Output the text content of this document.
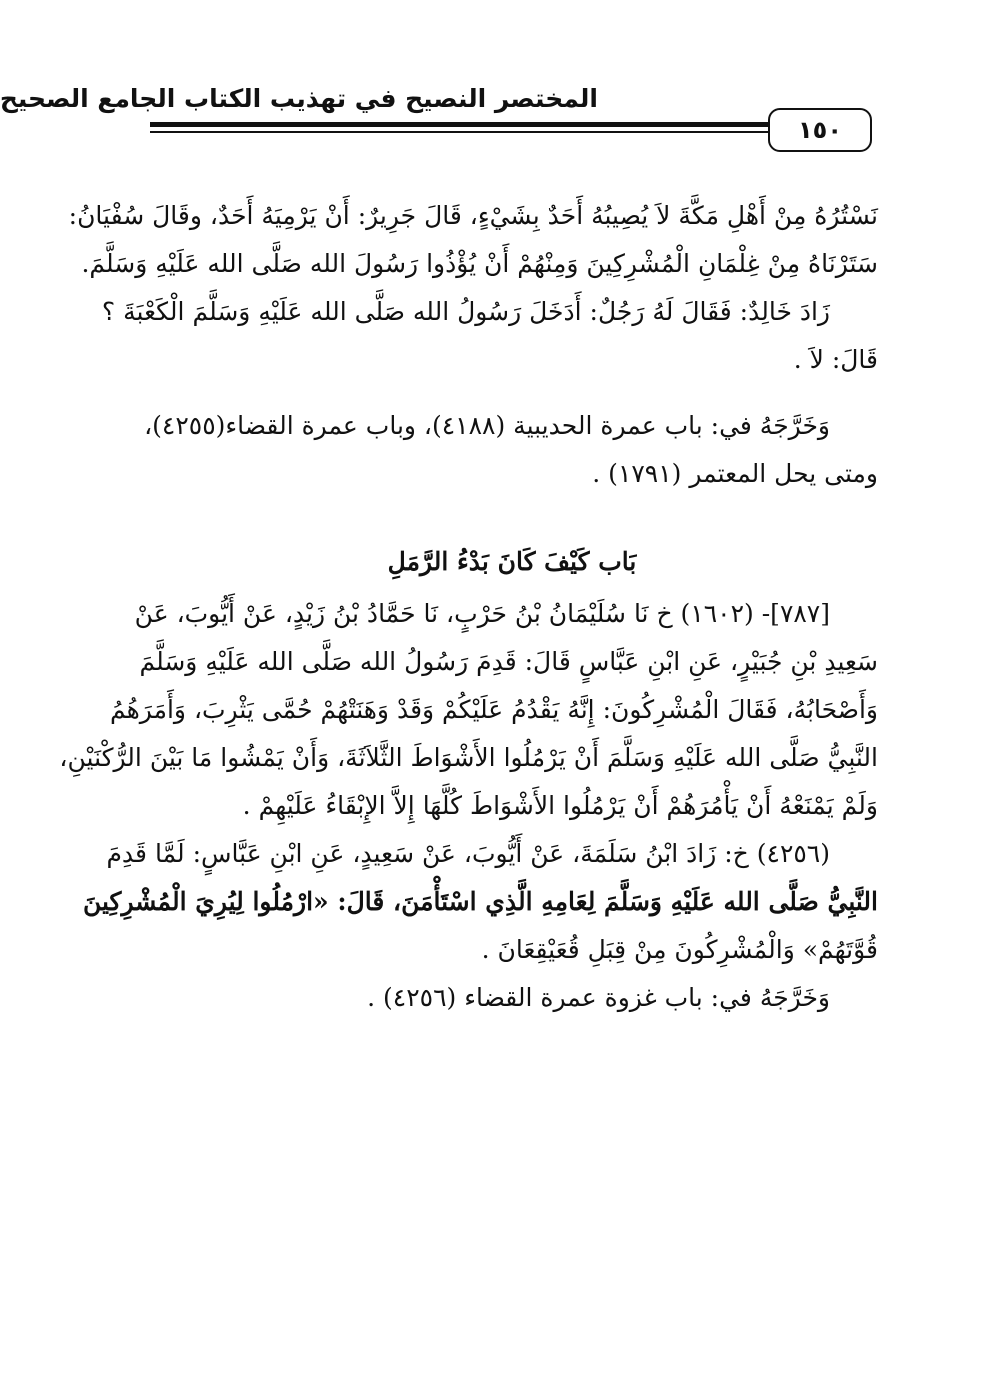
المختصر النصيح في تهذيب الكتاب الجامع الصحيح
١٥٠
نَسْتُرُهُ مِنْ أَهْلِ مَكَّةَ لاَ يُصِيبُهُ أَحَدٌ بِشَيْءٍ، قَالَ جَرِيرٌ: أَنْ يَرْمِيَهُ أَحَدٌ، وقَالَ سُفْيَانُ:
سَتَرْنَاهُ مِنْ غِلْمَانِ الْمُشْرِكِينَ وَمِنْهُمْ أَنْ يُؤْذُوا رَسُولَ الله صَلَّى الله عَلَيْهِ وَسَلَّمَ.
زَادَ خَالِدٌ: فَقَالَ لَهُ رَجُلٌ: أَدَخَلَ رَسُولُ الله صَلَّى الله عَلَيْهِ وَسَلَّمَ الْكَعْبَةَ ؟
قَالَ: لاَ .
وَخَرَّجَهُ في: باب عمرة الحديبية (٤١٨٨)، وباب عمرة القضاء(٤٢٥٥)،
ومتى يحل المعتمر (١٧٩١) .
بَاب كَيْفَ كَانَ بَدْءُ الرَّمَلِ
[٧٨٧]- (١٦٠٢) خ نَا سُلَيْمَانُ بْنُ حَرْبٍ، نَا حَمَّادُ بْنُ زَيْدٍ، عَنْ أَيُّوبَ، عَنْ
سَعِيدِ بْنِ جُبَيْرٍ، عَنِ ابْنِ عَبَّاسٍ قَالَ: قَدِمَ رَسُولُ الله صَلَّى الله عَلَيْهِ وَسَلَّمَ
وَأَصْحَابُهُ، فَقَالَ الْمُشْرِكُونَ: إِنَّهُ يَقْدُمُ عَلَيْكُمْ وَقَدْ وَهَنَتْهُمْ حُمَّى يَثْرِبَ، وَأَمَرَهُمُ
النَّبِيُّ صَلَّى الله عَلَيْهِ وَسَلَّمَ أَنْ يَرْمُلُوا الأَشْوَاطَ الثَّلاَثَةَ، وَأَنْ يَمْشُوا مَا بَيْنَ الرُّكْنَيْنِ،
وَلَمْ يَمْنَعْهُ أَنْ يَأْمُرَهُمْ أَنْ يَرْمُلُوا الأَشْوَاطَ كُلَّهَا إِلاَّ الإِبْقَاءُ عَلَيْهِمْ .
(٤٢٥٦) خ: زَادَ ابْنُ سَلَمَةَ، عَنْ أَيُّوبَ، عَنْ سَعِيدٍ، عَنِ ابْنِ عَبَّاسٍ: لَمَّا قَدِمَ
النَّبِيُّ صَلَّى الله عَلَيْهِ وَسَلَّمَ لِعَامِهِ الَّذِي اسْتَأْمَنَ، قَالَ: «ارْمُلُوا لِيُرِيَ الْمُشْرِكِينَ
قُوَّتَهُمْ» وَالْمُشْرِكُونَ مِنْ قِبَلِ قُعَيْقِعَانَ .
وَخَرَّجَهُ في: باب غزوة عمرة القضاء (٤٢٥٦) .
